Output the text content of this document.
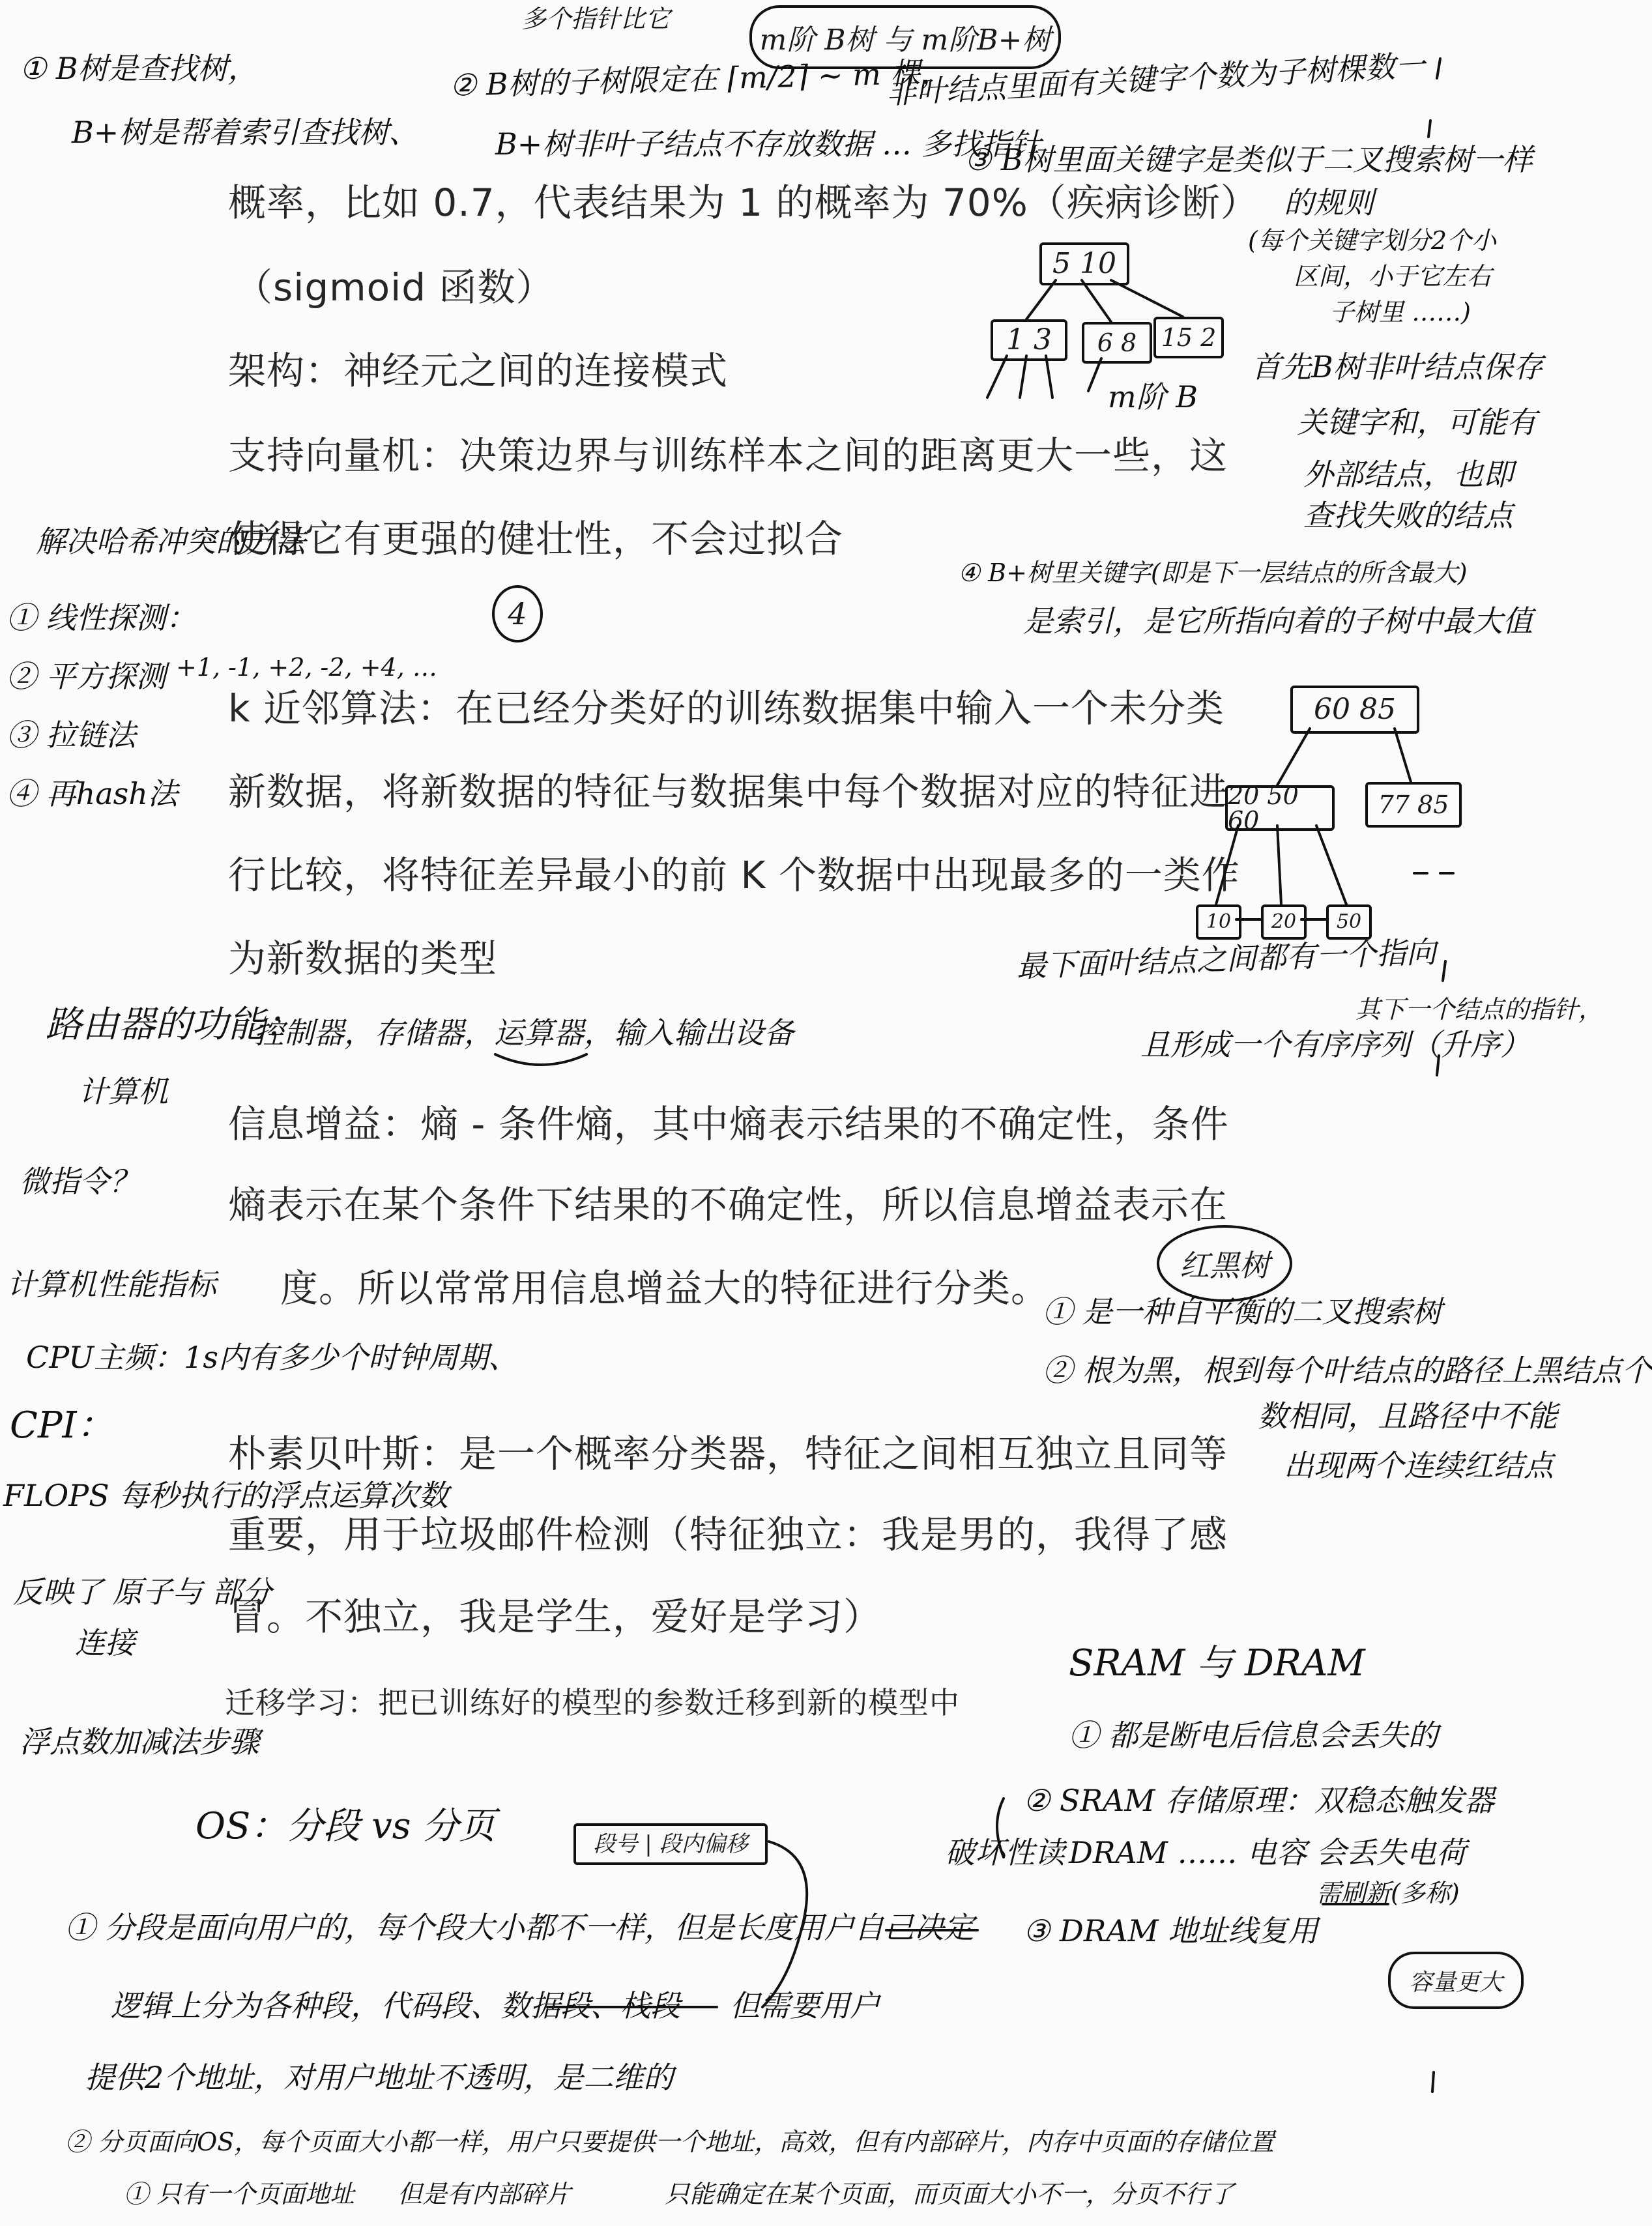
概率，比如 0.7，代表结果为 1 的概率为 70%（疾病诊断）
（sigmoid 函数）
架构：神经元之间的连接模式
支持向量机：决策边界与训练样本之间的距离更大一些，这
使得它有更强的健壮性，不会过拟合
k 近邻算法：在已经分类好的训练数据集中输入一个未分类
新数据，将新数据的特征与数据集中每个数据对应的特征进
行比较，将特征差异最小的前 K 个数据中出现最多的一类作
为新数据的类型
信息增益：熵 - 条件熵，其中熵表示结果的不确定性，条件
熵表示在某个条件下结果的不确定性，所以信息增益表示在
度。所以常常用信息增益大的特征进行分类。
朴素贝叶斯：是一个概率分类器，特征之间相互独立且同等
重要，用于垃圾邮件检测（特征独立：我是男的，我得了感
冒。不独立，我是学生，爱好是学习）
迁移学习：把已训练好的模型的参数迁移到新的模型中
① B树是查找树，
B+树是帮着索引查找树、
多个指针比它
② B树的子树限定在 ⌈m/2⌉ ~ m 棵，
B+树非叶子结点不存放数据 … 多找指针
m阶 B树 与 m阶B+树
非叶结点里面有关键字个数为子树棵数一
③ B树里面关键字是类似于二叉搜索树一样
的规则
(每个关键字划分2个小
区间，小于它左右
子树里 ……)
5 10
1 3 6 8 15 2
m阶 B
首先B树非叶结点保存
关键字和，可能有
外部结点，也即
查找失败的结点
④ B+树里关键字(即是下一层结点的所含最大)
是索引，是它所指向着的子树中最大值
解决哈希冲突的方法
① 线性探测：
② 平方探测
③ 拉链法
④ 再hash法
+1, -1, +2, -2, +4, …
4
60 85
20 50 60
77 85
10 20 50
最下面叶结点之间都有一个指向
其下一个结点的指针，
且形成一个有序序列（升序）
路由器的功能：
计算机
控制器，存储器，运算器，输入输出设备
微指令？
计算机性能指标
CPU主频：1s内有多少个时钟周期、
CPI：
FLOPS 每秒执行的浮点运算次数
反映了 原子与 部分
连接
浮点数加减法步骤
红黑树
① 是一种自平衡的二叉搜索树
② 根为黑，根到每个叶结点的路径上黑结点个
数相同，且路径中不能
出现两个连续红结点
SRAM 与 DRAM
① 都是断电后信息会丢失的
② SRAM 存储原理：双稳态触发器
DRAM …… 电容 会丢失电荷
需刷新(多称)
③ DRAM 地址线复用
破坏性读
容量更大
OS：分段 vs 分页	段号 | 段内偏移
① 分段是面向用户的，每个段大小都不一样，但是长度用户自己决定
逻辑上分为各种段，代码段、数据段、栈段 但需要用户
提供2个地址，对用户地址不透明，是二维的
② 分页面向OS，每个页面大小都一样，用户只要提供一个地址，高效，但有内部碎片，内存中页面的存储位置
① 只有一个页面地址 但是有内部碎片	只能确定在某个页面，而页面大小不一，分页不行了
